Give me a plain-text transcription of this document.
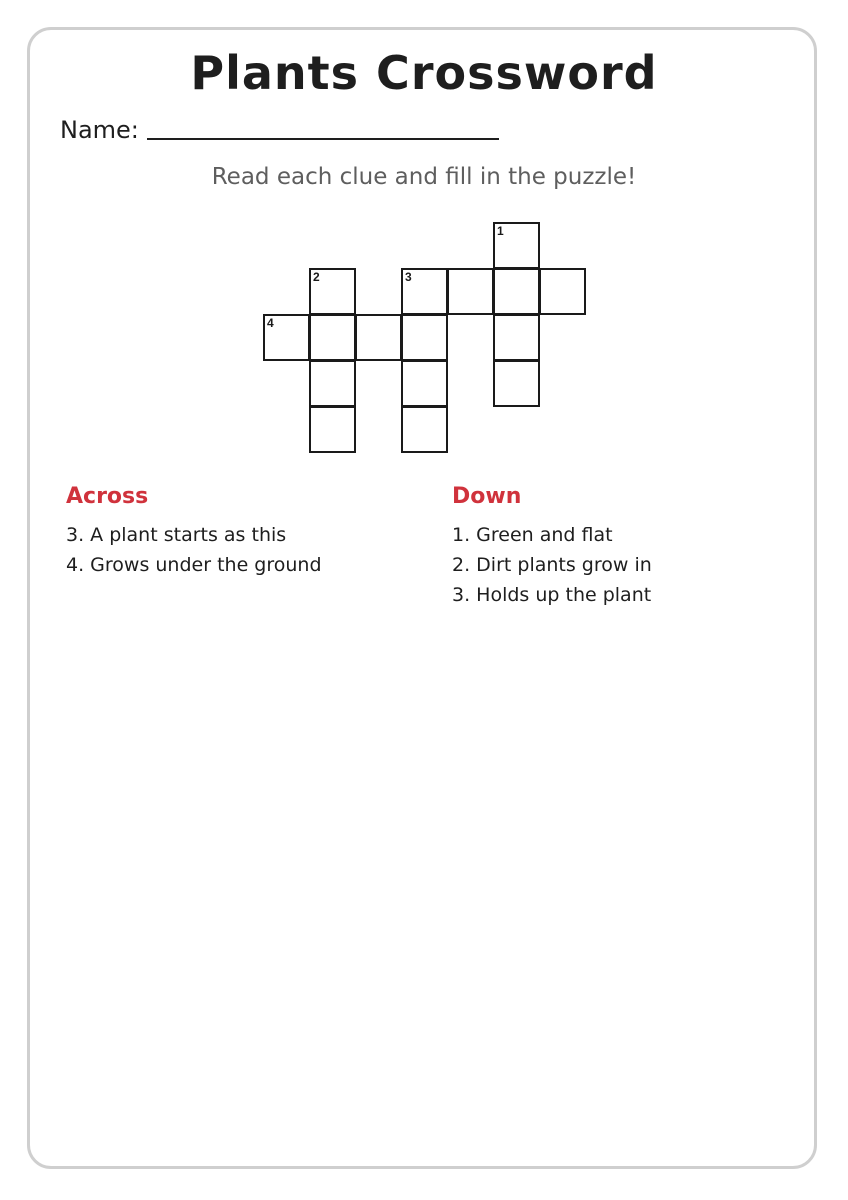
Plants Crossword
Name:
Read each clue and fill in the puzzle!
1
2	3
4
Across
3. A plant starts as this
4. Grows under the ground
Down
1. Green and flat
2. Dirt plants grow in
3. Holds up the plant
